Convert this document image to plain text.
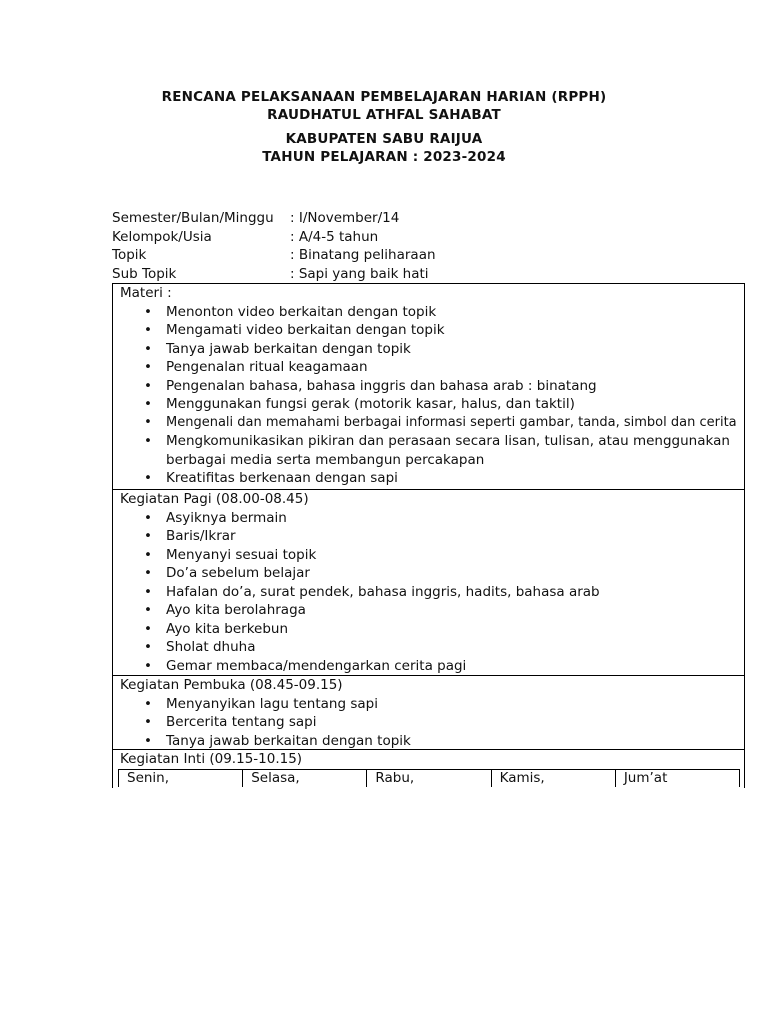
RENCANA PELAKSANAAN PEMBELAJARAN HARIAN (RPPH)
RAUDHATUL ATHFAL SAHABAT
KABUPATEN SABU RAIJUA
TAHUN PELAJARAN : 2023-2024
Semester/Bulan/Minggu : I/November/14
Kelompok/Usia	: A/4-5 tahun
Topik	: Binatang peliharaan
Sub Topik	: Sapi yang baik hati
Materi :
• Menonton video berkaitan dengan topik
• Mengamati video berkaitan dengan topik
• Tanya jawab berkaitan dengan topik
• Pengenalan ritual keagamaan
• Pengenalan bahasa, bahasa inggris dan bahasa arab : binatang
• Menggunakan fungsi gerak (motorik kasar, halus, dan taktil)
• Mengenali dan memahami berbagai informasi seperti gambar, tanda, simbol dan cerita
• Mengkomunikasikan pikiran dan perasaan secara lisan, tulisan, atau menggunakan berbagai media serta membangun percakapan
• Kreatifitas berkenaan dengan sapi
Kegiatan Pagi (08.00-08.45)
• Asyiknya bermain
• Baris/Ikrar
• Menyanyi sesuai topik
• Do’a sebelum belajar
• Hafalan do’a, surat pendek, bahasa inggris, hadits, bahasa arab
• Ayo kita berolahraga
• Ayo kita berkebun
• Sholat dhuha
• Gemar membaca/mendengarkan cerita pagi
Kegiatan Pembuka (08.45-09.15)
• Menyanyikan lagu tentang sapi
• Bercerita tentang sapi
• Tanya jawab berkaitan dengan topik
Kegiatan Inti (09.15-10.15)
Senin,	Selasa,	Rabu,	Kamis,	Jum’at
